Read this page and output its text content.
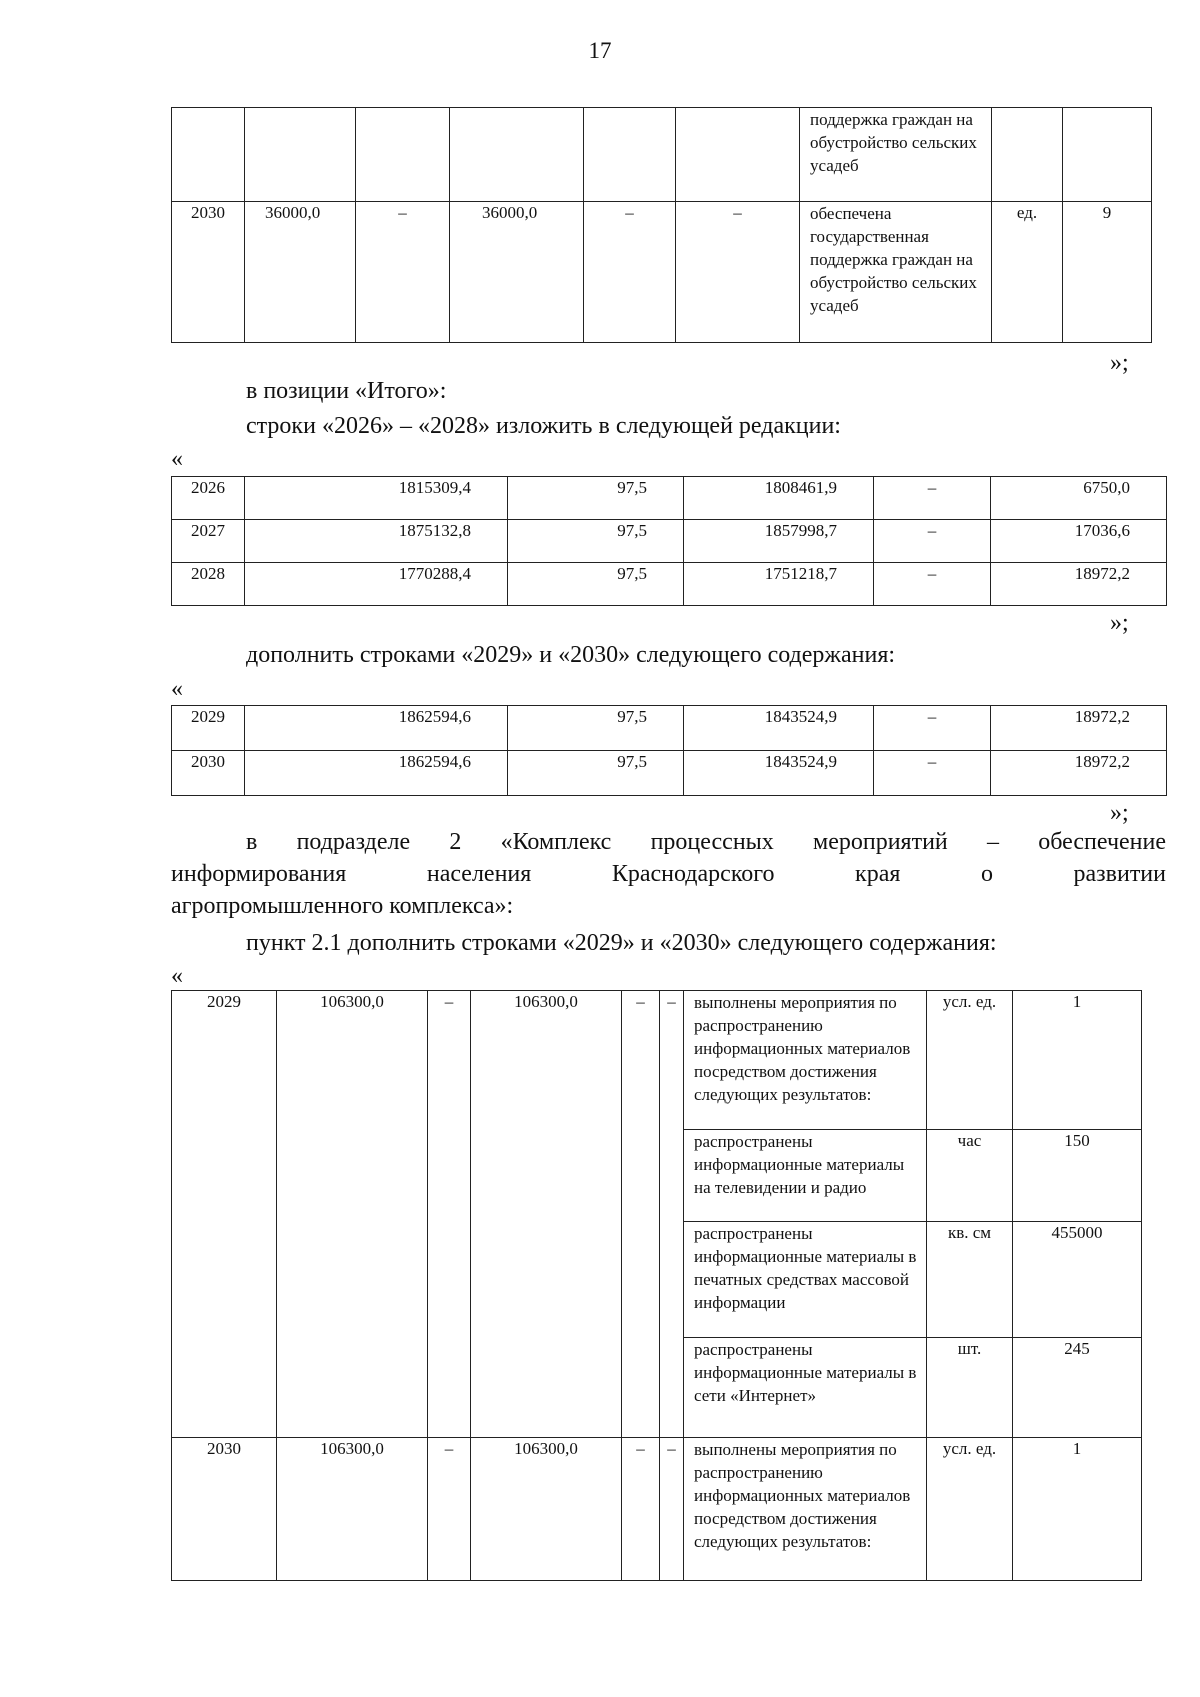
17
						поддержка граждан на обустройство сельских усадеб		
2030	36000,0	–	36000,0	–	–	обеспечена государственная поддержка граждан на обустройство сельских усадеб	ед.	9
»;
в позиции «Итого»:
строки «2026» – «2028» изложить в следующей редакции:
«
2026	1815309,4	97,5	1808461,9	–	6750,0
2027	1875132,8	97,5	1857998,7	–	17036,6
2028	1770288,4	97,5	1751218,7	–	18972,2
»;
дополнить строками «2029» и «2030» следующего содержания:
«
2029	1862594,6	97,5	1843524,9	–	18972,2
2030	1862594,6	97,5	1843524,9	–	18972,2
»;
в подразделе 2 «Комплекс процессных мероприятий – обеспечение
информирования населения Краснодарского края о развитии
агропромышленного комплекса»:
пункт 2.1 дополнить строками «2029» и «2030» следующего содержания:
«
2029	106300,0	–	106300,0	–	–	выполнены мероприятия по распространению информационных материалов посредством достижения следующих результатов:	усл. ед.	1
						распространены информационные материалы на телевидении и радио	час	150
						распространены информационные материалы в печатных средствах массовой информации	кв. см	455000
						распространены информационные материалы в сети «Интернет»	шт.	245
2030	106300,0	–	106300,0	–	–	выполнены мероприятия по распространению информационных материалов посредством достижения следующих результатов:	усл. ед.	1
